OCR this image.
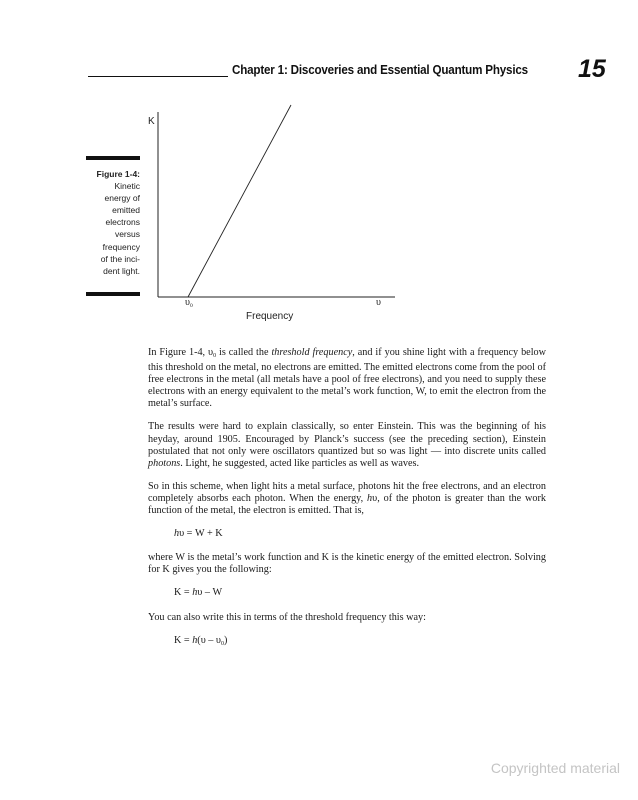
Chapter 1: Discoveries and Essential Quantum Physics 15
Figure 1-4:
Kinetic
energy of
emitted
electrons
versus
frequency
of the inci-
dent light.
K
$\upsilon_0$	υ
Frequency

In Figure 1-4, $\upsilon_0$ is called the threshold frequency, and if you shine light with a frequency below this threshold on the metal, no electrons are emitted. The emitted electrons come from the pool of free electrons in the metal (all metals have a pool of free electrons), and you need to supply these electrons with an energy equivalent to the metal’s work function, W, to emit the electron from the metal’s surface.

The results were hard to explain classically, so enter Einstein. This was the beginning of his heyday, around 1905. Encouraged by Planck’s success (see the preceding section), Einstein postulated that not only were oscillators quantized but so was light — into discrete units called photons. Light, he suggested, acted like particles as well as waves.

So in this scheme, when light hits a metal surface, photons hit the free electrons, and an electron completely absorbs each photon. When the energy, hυ, of the photon is greater than the work function of the metal, the electron is emitted. That is,

hυ = W + K

where W is the metal’s work function and K is the kinetic energy of the emitted electron. Solving for K gives you the following:

K = hυ – W

You can also write this in terms of the threshold frequency this way:

$K = h(\upsilon - \upsilon_0)$
Copyrighted material
